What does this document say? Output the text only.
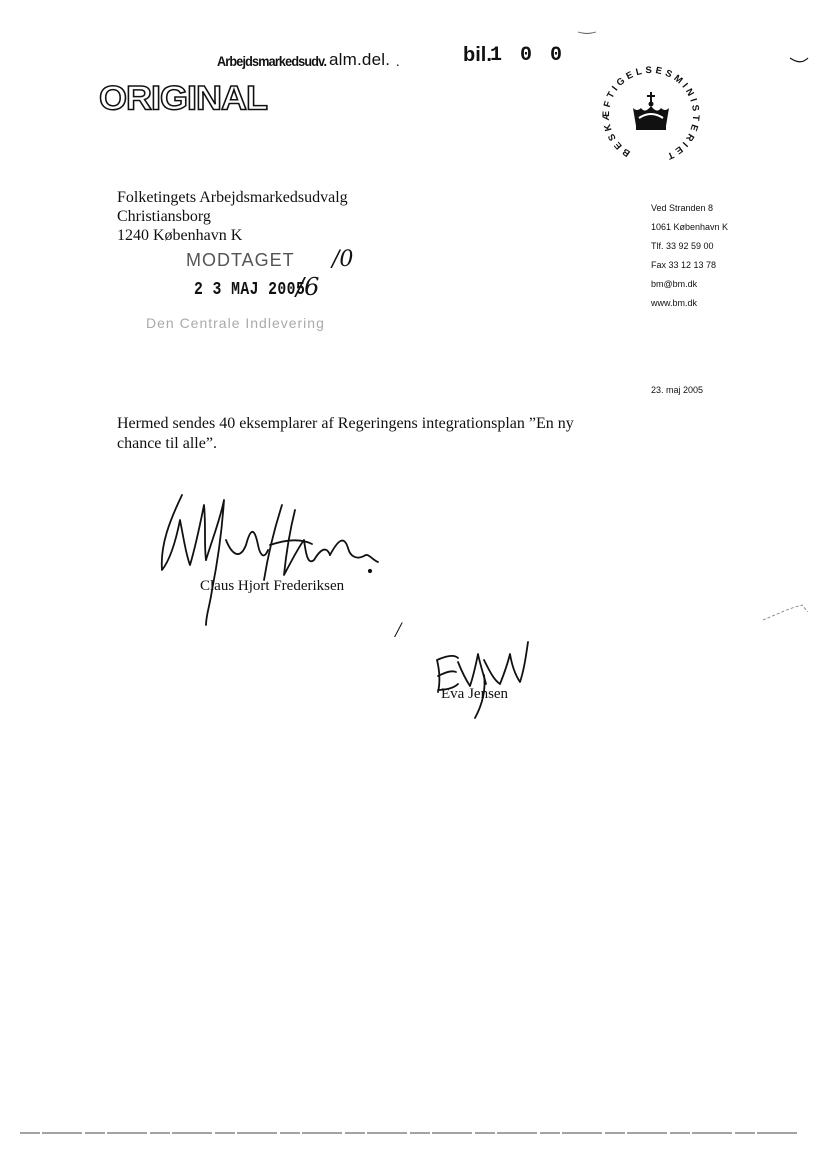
Arbejdsmarkedsudv. alm.del. .	bil.
1 0 0
ORIGINAL
BESKÆFTIGELSESMINISTERIET
Folketingets Arbejdsmarkedsudvalg
Christiansborg
1240 København K
MODTAGET /0
2 3 MAJ 2005
/6
Den Centrale Indlevering
Ved Stranden 8
1061 København K
Tlf. 33 92 59 00
Fax 33 12 13 78
bm@bm.dk
www.bm.dk
23. maj 2005
Hermed sendes 40 eksemplarer af Regeringens integrationsplan ”En ny chance til alle”.
Claus Hjort Frederiksen
/
Eva Jensen
